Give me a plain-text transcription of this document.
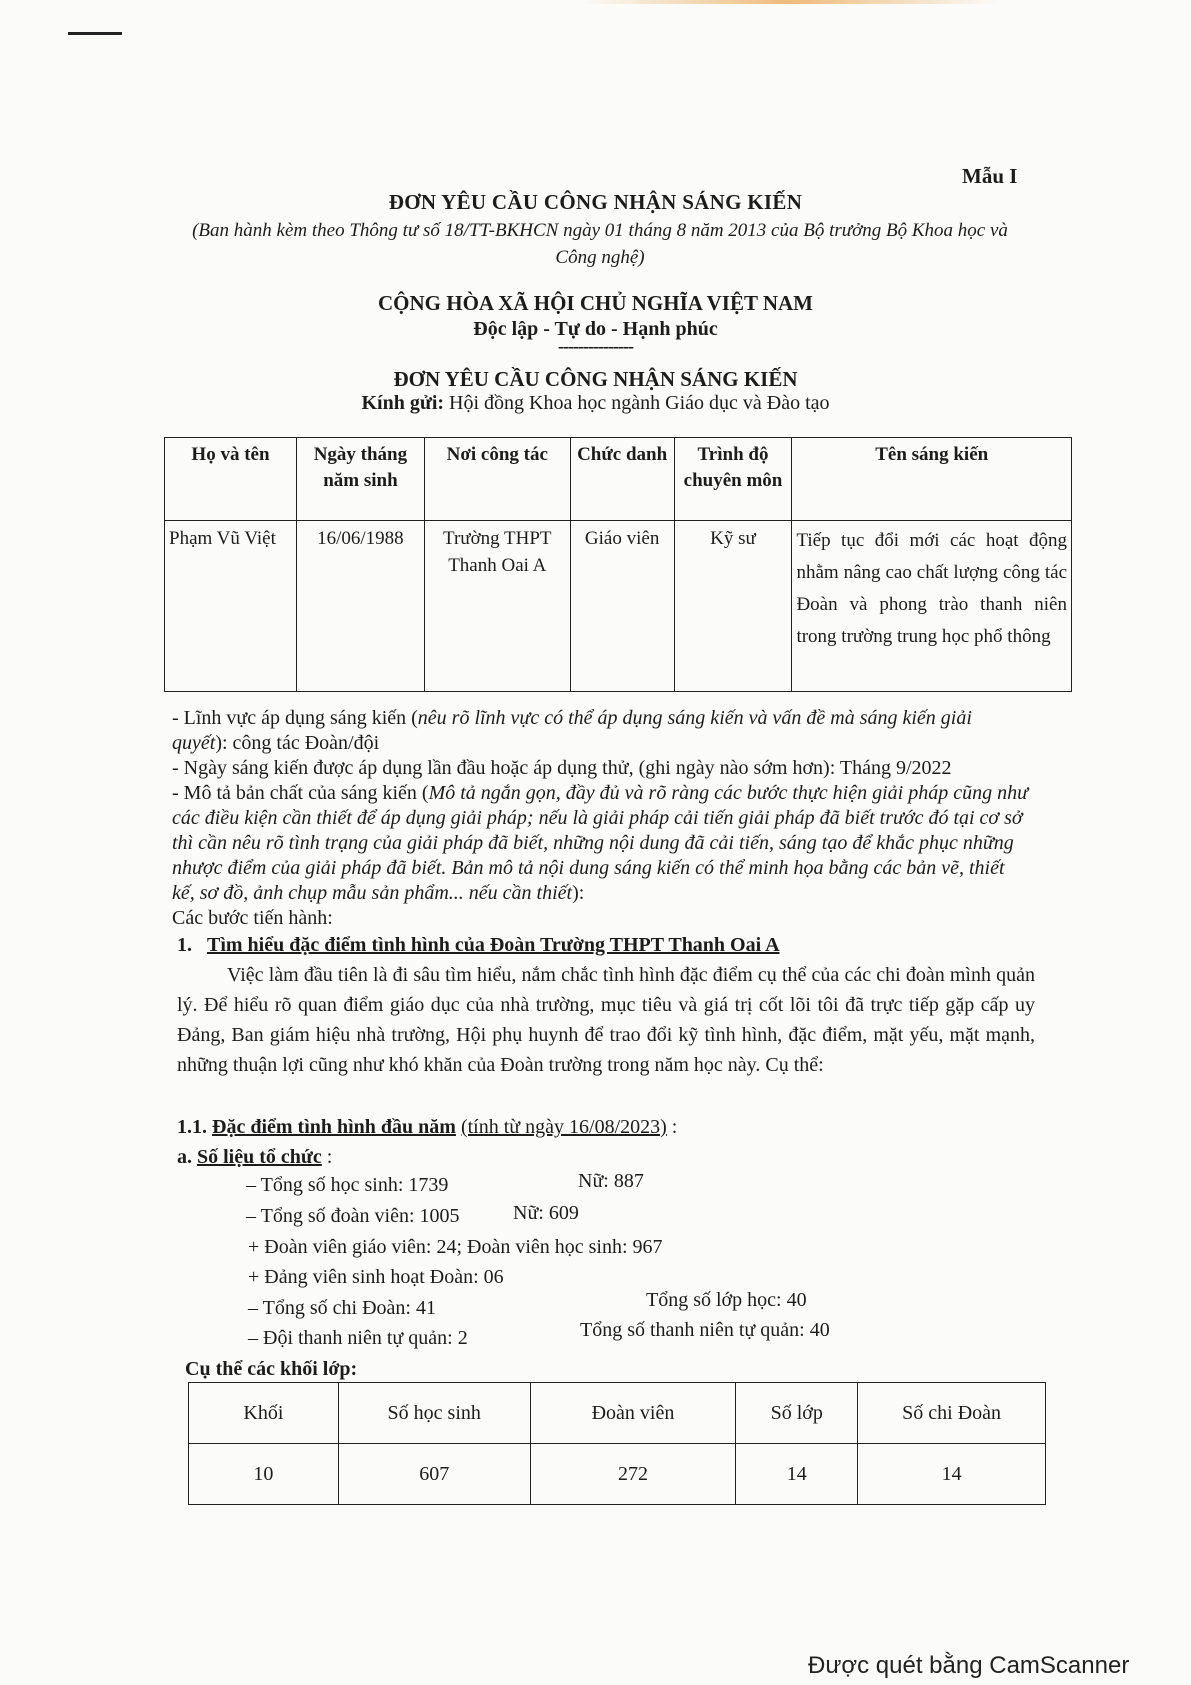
Mẫu I
ĐƠN YÊU CẦU CÔNG NHẬN SÁNG KIẾN
(Ban hành kèm theo Thông tư số 18/TT-BKHCN ngày 01 tháng 8 năm 2013 của Bộ trưởng Bộ Khoa học và Công nghệ)
CỘNG HÒA XÃ HỘI CHỦ NGHĨA VIỆT NAM
Độc lập - Tự do - Hạnh phúc
---------------
ĐƠN YÊU CẦU CÔNG NHẬN SÁNG KIẾN
Kính gửi: Hội đồng Khoa học ngành Giáo dục và Đào tạo
Họ và tên	Ngày tháng năm sinh	Nơi công tác	Chức danh	Trình độ chuyên môn	Tên sáng kiến
Phạm Vũ Việt	16/06/1988	Trường THPT Thanh Oai A	Giáo viên	Kỹ sư	Tiếp tục đổi mới các hoạt động nhằm nâng cao chất lượng công tác Đoàn và phong trào thanh niên trong trường trung học phổ thông
- Lĩnh vực áp dụng sáng kiến (nêu rõ lĩnh vực có thể áp dụng sáng kiến và vấn đề mà sáng kiến giải quyết): công tác Đoàn/đội
- Ngày sáng kiến được áp dụng lần đầu hoặc áp dụng thử, (ghi ngày nào sớm hơn): Tháng 9/2022
- Mô tả bản chất của sáng kiến (Mô tả ngắn gọn, đầy đủ và rõ ràng các bước thực hiện giải pháp cũng như các điều kiện cần thiết để áp dụng giải pháp; nếu là giải pháp cải tiến giải pháp đã biết trước đó tại cơ sở thì cần nêu rõ tình trạng của giải pháp đã biết, những nội dung đã cải tiến, sáng tạo để khắc phục những nhược điểm của giải pháp đã biết. Bản mô tả nội dung sáng kiến có thể minh họa bằng các bản vẽ, thiết kế, sơ đồ, ảnh chụp mẫu sản phẩm... nếu cần thiết):
Các bước tiến hành:
1. Tìm hiểu đặc điểm tình hình của Đoàn Trường THPT Thanh Oai A
Việc làm đầu tiên là đi sâu tìm hiểu, nắm chắc tình hình đặc điểm cụ thể của các chi đoàn mình quản lý. Để hiểu rõ quan điểm giáo dục của nhà trường, mục tiêu và giá trị cốt lõi tôi đã trực tiếp gặp cấp uy Đảng, Ban giám hiệu nhà trường, Hội phụ huynh để trao đổi kỹ tình hình, đặc điểm, mặt yếu, mặt mạnh, những thuận lợi cũng như khó khăn của Đoàn trường trong năm học này. Cụ thể:
1.1. Đặc điểm tình hình đầu năm (tính từ ngày 16/08/2023) :
a. Số liệu tổ chức :
– Tổng số học sinh: 1739	Nữ: 887
– Tổng số đoàn viên: 1005	Nữ: 609
+ Đoàn viên giáo viên: 24; Đoàn viên học sinh: 967
+ Đảng viên sinh hoạt Đoàn: 06
– Tổng số chi Đoàn: 41	Tổng số lớp học: 40
– Đội thanh niên tự quản: 2	Tổng số thanh niên tự quản: 40
Cụ thể các khối lớp:
Khối	Số học sinh	Đoàn viên	Số lớp	Số chi Đoàn
10	607	272	14	14
Được quét bằng CamScanner
